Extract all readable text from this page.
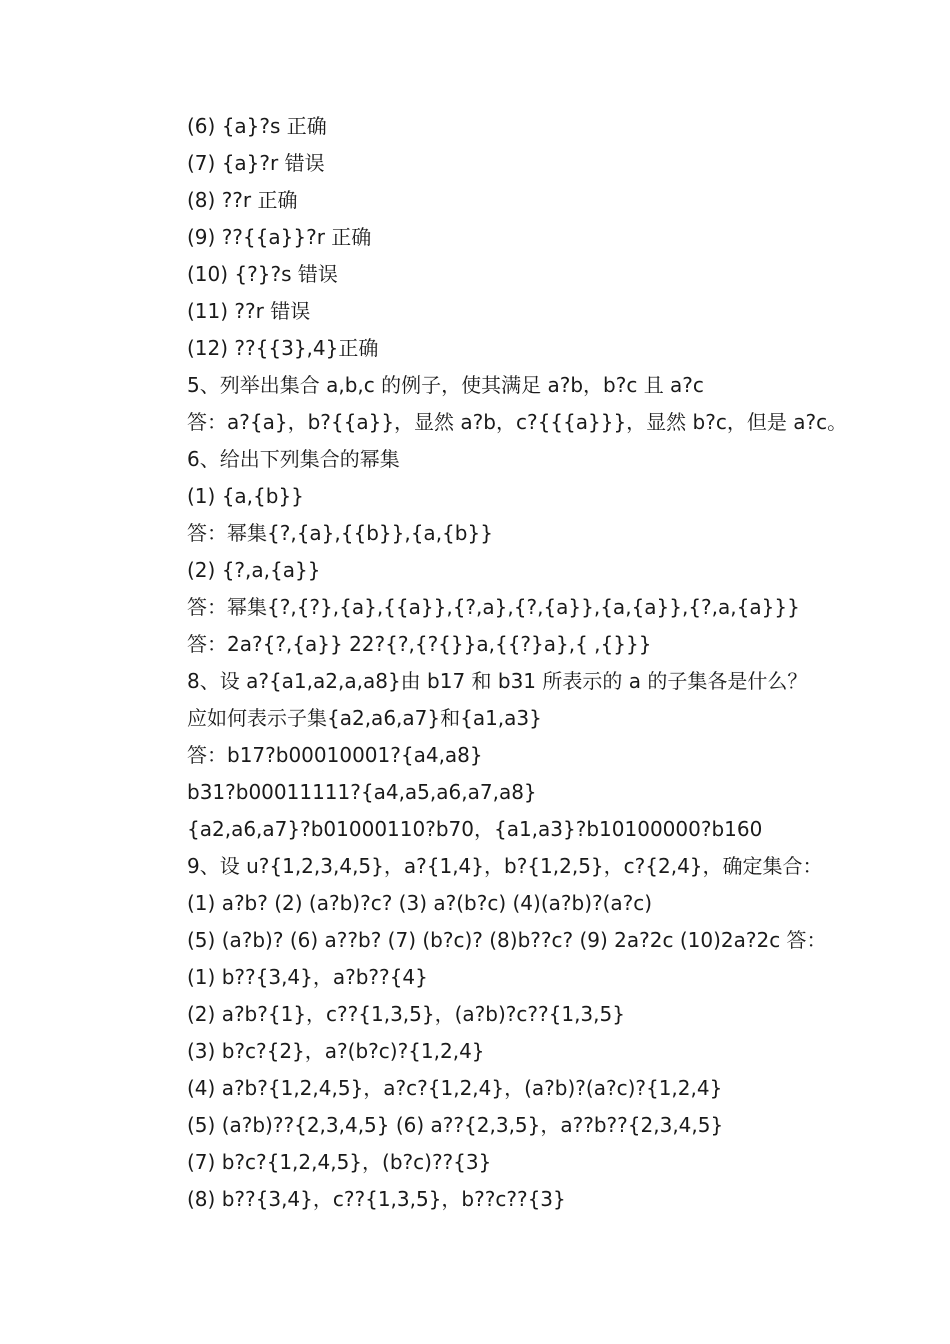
(6) {a}?s 正确
(7) {a}?r 错误
(8) ??r 正确
(9) ??{{a}}?r 正确
(10) {?}?s 错误
(11) ??r 错误
(12) ??{{3},4}正确
5、列举出集合 a,b,c 的例子，使其满足 a?b，b?c 且 a?c
答：a?{a}，b?{{a}}，显然 a?b，c?{{{a}}}，显然 b?c，但是 a?c。
6、给出下列集合的幂集
(1) {a,{b}}
答：幂集{?,{a},{{b}},{a,{b}}
(2) {?,a,{a}}
答：幂集{?,{?},{a},{{a}},{?,a},{?,{a}},{a,{a}},{?,a,{a}}}
答：2a?{?,{a}} 22?{?,{?{}}a,{{?}a},{ ,{}}}
8、设 a?{a1,a2,a,a8}由 b17 和 b31 所表示的 a 的子集各是什么？
应如何表示子集{a2,a6,a7}和{a1,a3}
答：b17?b00010001?{a4,a8}
b31?b00011111?{a4,a5,a6,a7,a8}
{a2,a6,a7}?b01000110?b70，{a1,a3}?b10100000?b160
9、设 u?{1,2,3,4,5}，a?{1,4}，b?{1,2,5}，c?{2,4}，确定集合：
(1) a?b? (2) (a?b)?c? (3) a?(b?c) (4)(a?b)?(a?c)
(5) (a?b)? (6) a??b? (7) (b?c)? (8)b??c? (9) 2a?2c (10)2a?2c 答：
(1) b??{3,4}，a?b??{4}
(2) a?b?{1}，c??{1,3,5}，(a?b)?c??{1,3,5}
(3) b?c?{2}，a?(b?c)?{1,2,4}
(4) a?b?{1,2,4,5}，a?c?{1,2,4}，(a?b)?(a?c)?{1,2,4}
(5) (a?b)??{2,3,4,5} (6) a??{2,3,5}，a??b??{2,3,4,5}
(7) b?c?{1,2,4,5}，(b?c)??{3}
(8) b??{3,4}，c??{1,3,5}，b??c??{3}
